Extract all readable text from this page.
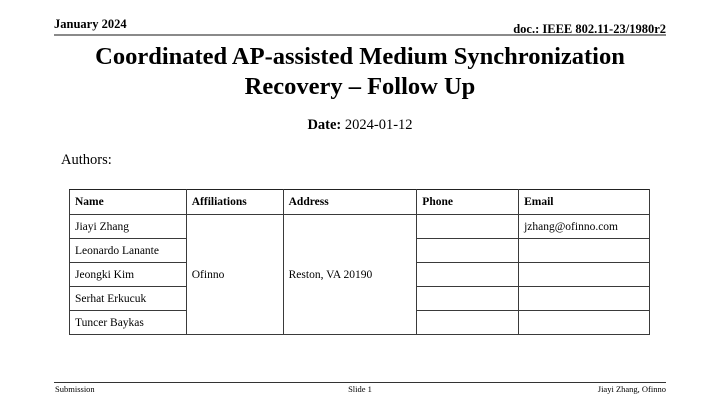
January 2024	doc.: IEEE 802.11-23/1980r2
Coordinated AP-assisted Medium Synchronization
Recovery – Follow Up
Date: 2024-01-12
Authors:
Name	Affiliations	Address	Phone	Email
Jiayi Zhang	Ofinno	Reston, VA 20190		jzhang@ofinno.com
Leonardo Lanante				
Jeongki Kim				
Serhat Erkucuk				
Tuncer Baykas				
Submission	Slide 1	Jiayi Zhang, Ofinno
